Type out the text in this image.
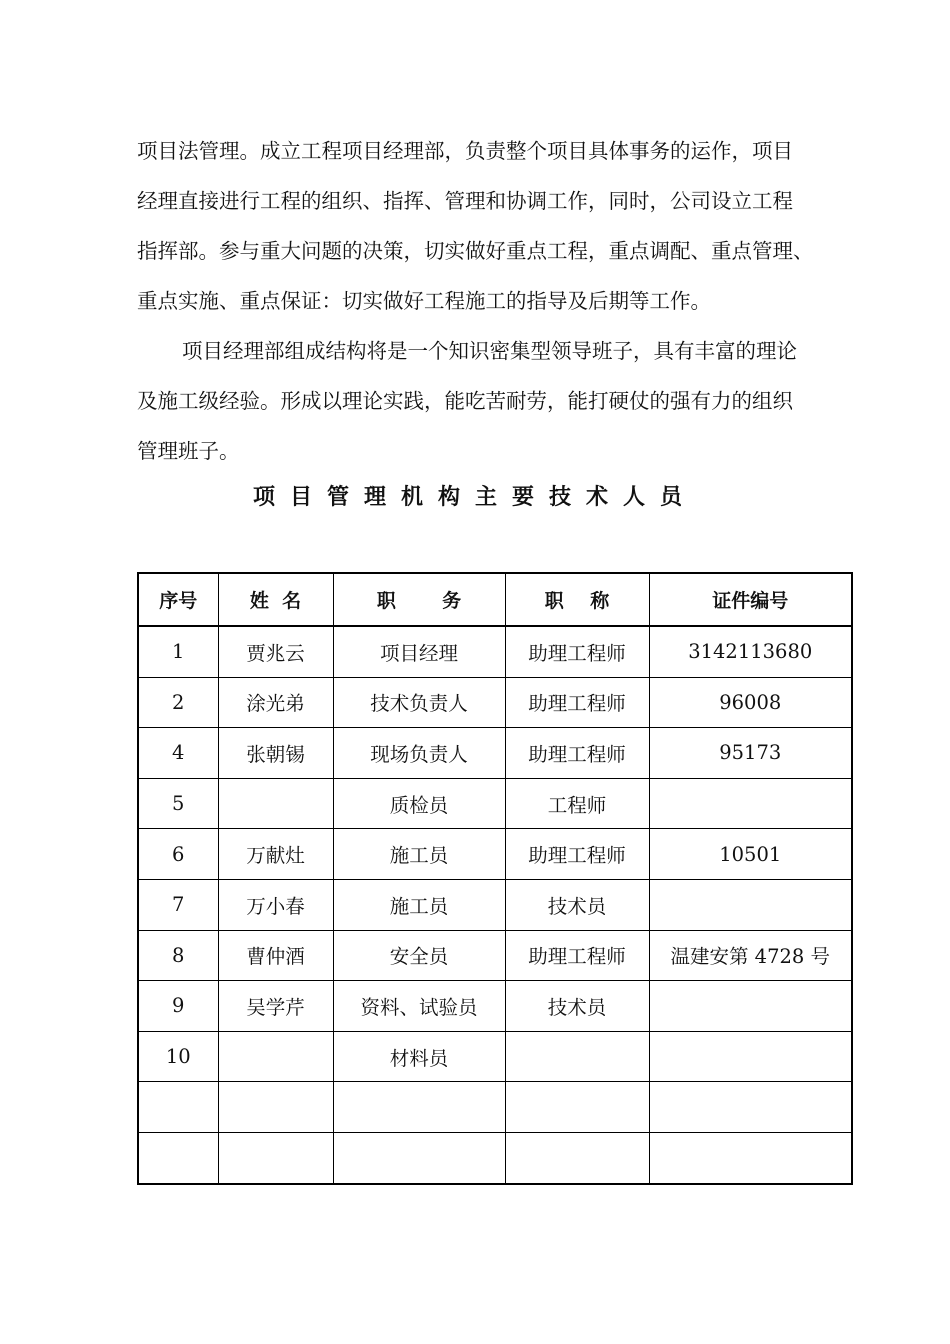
项目法管理。成立工程项目经理部，负责整个项目具体事务的运作，项目
经理直接进行工程的组织、指挥、管理和协调工作，同时，公司设立工程
指挥部。参与重大问题的决策，切实做好重点工程，重点调配、重点管理、
重点实施、重点保证：切实做好工程施工的指导及后期等工作。
项目经理部组成结构将是一个知识密集型领导班子，具有丰富的理论
及施工级经验。形成以理论实践，能吃苦耐劳，能打硬仗的强有力的组织
管理班子。
项目管理机构主要技术人员
序号	姓  名	职       务	职    称	证件编号
1	贾兆云	项目经理	助理工程师	3142113680
2	涂光弟	技术负责人	助理工程师	96008
4	张朝锡	现场负责人	助理工程师	95173
5		质检员	工程师	
6	万献灶	施工员	助理工程师	10501
7	万小春	施工员	技术员	
8	曹仲酒	安全员	助理工程师	温建安第 4728 号
9	吴学芹	资料、试验员	技术员	
10		材料员		
